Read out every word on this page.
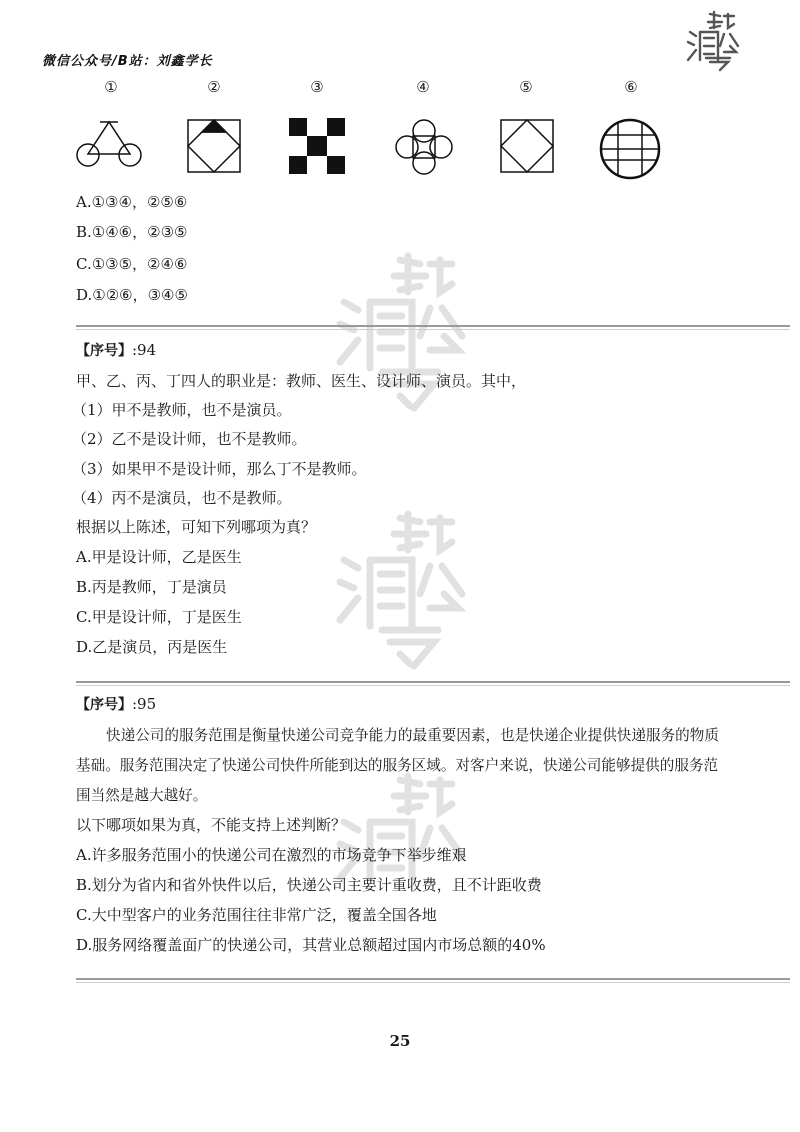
微信公众号/B站：刘鑫学长
①	②	③	④	⑤	⑥
A.①③④，②⑤⑥
B.①④⑥，②③⑤
C.①③⑤，②④⑥
D.①②⑥，③④⑤
【序号】:94
甲、乙、丙、丁四人的职业是：教师、医生、设计师、演员。其中，
（1）甲不是教师，也不是演员。
（2）乙不是设计师，也不是教师。
（3）如果甲不是设计师，那么丁不是教师。
（4）丙不是演员，也不是教师。
根据以上陈述，可知下列哪项为真？
A.甲是设计师，乙是医生
B.丙是教师，丁是演员
C.甲是设计师，丁是医生
D.乙是演员，丙是医生
【序号】:95
快递公司的服务范围是衡量快递公司竞争能力的最重要因素，也是快递企业提供快递服务的物质
基础。服务范围决定了快递公司快件所能到达的服务区域。对客户来说，快递公司能够提供的服务范
围当然是越大越好。
以下哪项如果为真，不能支持上述判断？
A.许多服务范围小的快递公司在激烈的市场竞争下举步维艰
B.划分为省内和省外快件以后，快递公司主要计重收费，且不计距收费
C.大中型客户的业务范围往往非常广泛，覆盖全国各地
D.服务网络覆盖面广的快递公司，其营业总额超过国内市场总额的40%
25
